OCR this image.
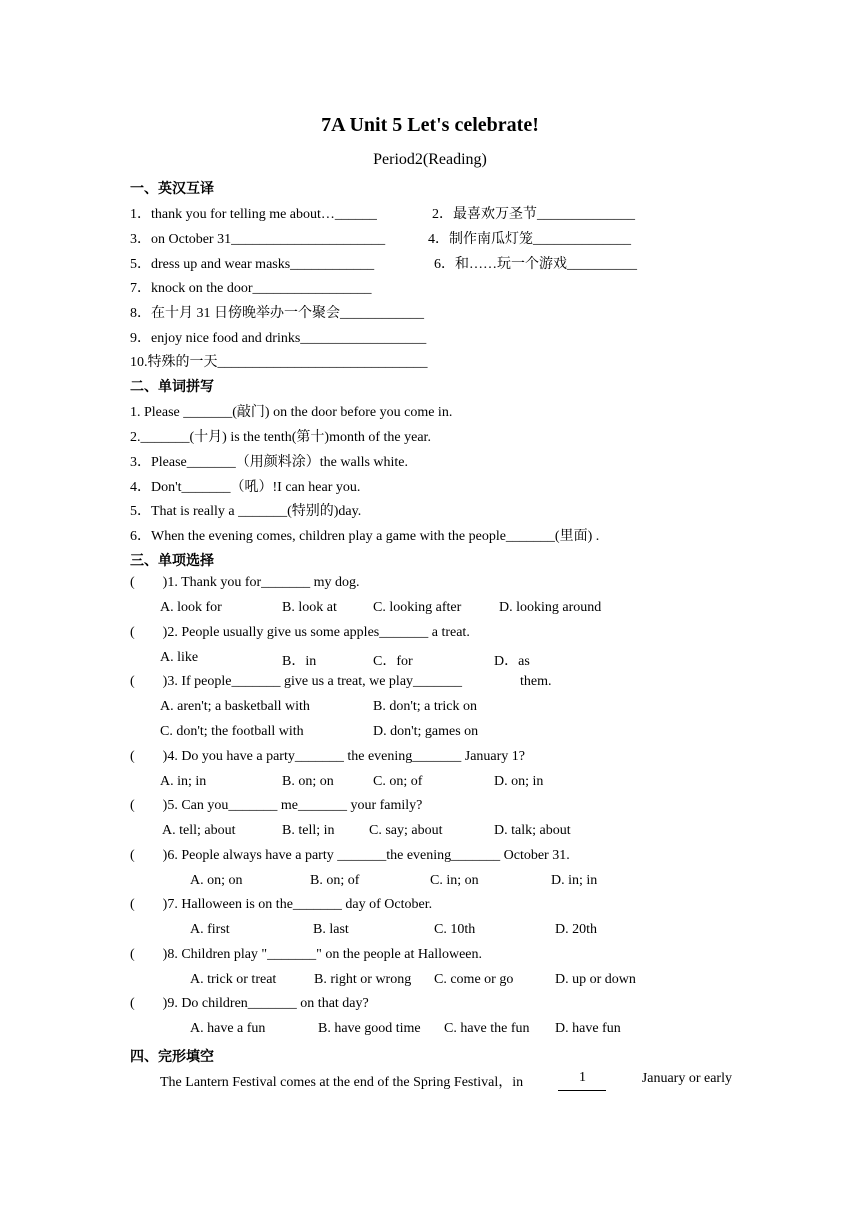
7A Unit 5 Let's celebrate!
Period2(Reading)
一、英汉互译
1．thank you for telling me about…______	2．最喜欢万圣节______________
3．on October 31______________________	4．制作南瓜灯笼______________
5．dress up and wear masks____________	6．和……玩一个游戏__________
7．knock on the door_________________
8．在十月 31 日傍晚举办一个聚会____________
9．enjoy nice food and drinks__________________
10.特殊的一天______________________________
二、单词拼写
1. Please _______(敲门) on the door before you come in.
2._______(十月) is the tenth(第十)month of the year.
3．Please_______（用颜料涂）the walls white.
4．Don't_______（吼）!I can hear you.
5．That is really a _______(特别的)day.
6．When the evening comes, children play a game with the people_______(里面) .
三、单项选择
(        )1. Thank you for_______ my dog.
A. look for	B. look at	C. looking after	D. looking around
(        )2. People usually give us some apples_______ a treat.
A. like	B．in	C．for	D．as
(        )3. If people_______ give us a treat, we play_______	them.
A. aren't; a basketball with	B. don't; a trick on
C. don't; the football with	D. don't; games on
(        )4. Do you have a party_______ the evening_______ January 1?
A. in; in	B. on; on	C. on; of	D. on; in
(        )5. Can you_______ me_______ your family?
A. tell; about	B. tell; in C. say; about	D. talk; about
(        )6. People always have a party _______the evening_______ October 31.
A. on; on	B. on; of	C. in; on	D. in; in
(        )7. Halloween is on the_______ day of October.
A. first	B. last	C. 10th	D. 20th
(        )8. Children play "_______" on the people at Halloween.
A. trick or treat	B. right or wrong C. come or go	D. up or down
(        )9. Do children_______ on that day?
A. have a fun	B. have good time C. have the fun D. have fun
四、完形填空
The Lantern Festival comes at the end of the Spring Festival，in	1	January or early
